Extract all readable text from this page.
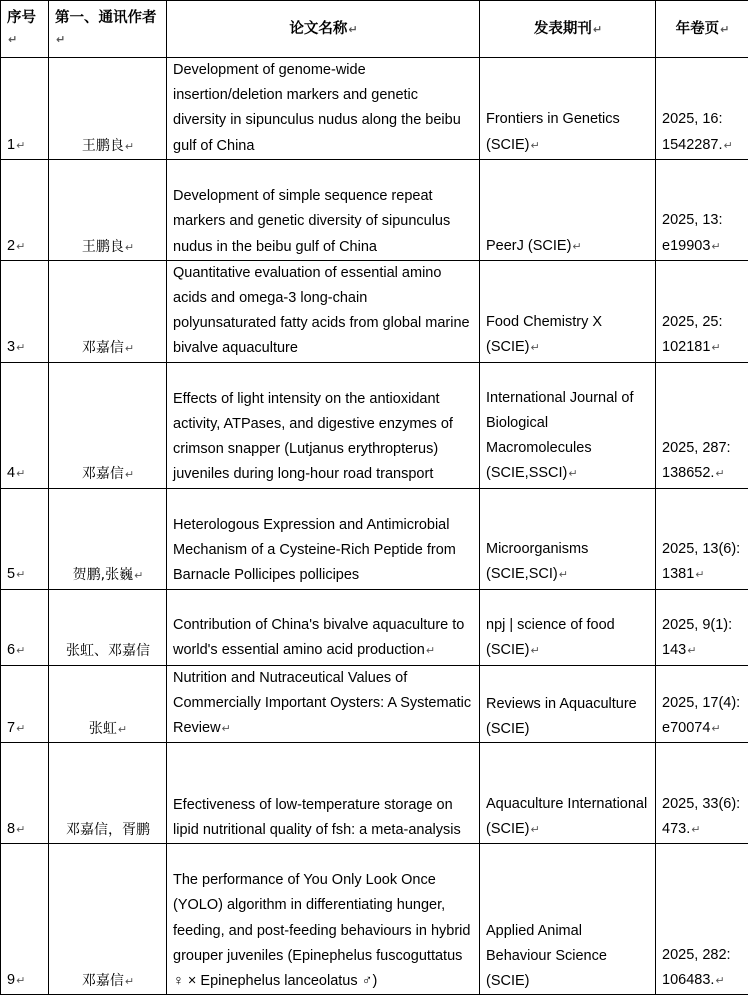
序号↵	第一、通讯作者↵	论文名称↵	发表期刊↵	年卷页↵
1↵	王鹏良↵	Development of genome-wide insertion/deletion markers and genetic diversity in sipunculus nudus along the beibu gulf of China	Frontiers in Genetics (SCIE)↵	2025, 16: 1542287.↵
2↵	王鹏良↵	Development of simple sequence repeat markers and genetic diversity of sipunculus nudus in the beibu gulf of China	PeerJ (SCIE)↵	2025, 13: e19903↵
3↵	邓嘉信↵	Quantitative evaluation of essential amino acids and omega-3 long-chain polyunsaturated fatty acids from global marine bivalve aquaculture	Food Chemistry X (SCIE)↵	2025, 25: 102181↵
4↵	邓嘉信↵	Effects of light intensity on the antioxidant activity, ATPases, and digestive enzymes of crimson snapper (Lutjanus erythropterus) juveniles during long-hour road transport	International Journal of Biological Macromolecules (SCIE,SSCI)↵	2025, 287: 138652.↵
5↵	贺鹏,张巍↵	Heterologous Expression and Antimicrobial Mechanism of a Cysteine-Rich Peptide from Barnacle Pollicipes pollicipes	Microorganisms (SCIE,SCI)↵	2025, 13(6): 1381↵
6↵	张虹、邓嘉信	Contribution of China's bivalve aquaculture to world's essential amino acid production↵	npj | science of food (SCIE)↵	2025, 9(1): 143↵
7↵	张虹↵	Nutrition and Nutraceutical Values of Commercially Important Oysters: A Systematic Review↵	Reviews in Aquaculture (SCIE)	2025, 17(4): e70074↵
8↵	邓嘉信，胥鹏	Efectiveness of low-temperature storage on lipid nutritional quality of fsh: a meta-analysis	Aquaculture International (SCIE)↵	2025, 33(6): 473.↵
9↵	邓嘉信↵	The performance of You Only Look Once (YOLO) algorithm in differentiating hunger, feeding, and post-feeding behaviours in hybrid grouper juveniles (Epinephelus fuscoguttatus ♀ × Epinephelus lanceolatus ♂)	Applied Animal Behaviour Science (SCIE)	2025, 282: 106483.↵
